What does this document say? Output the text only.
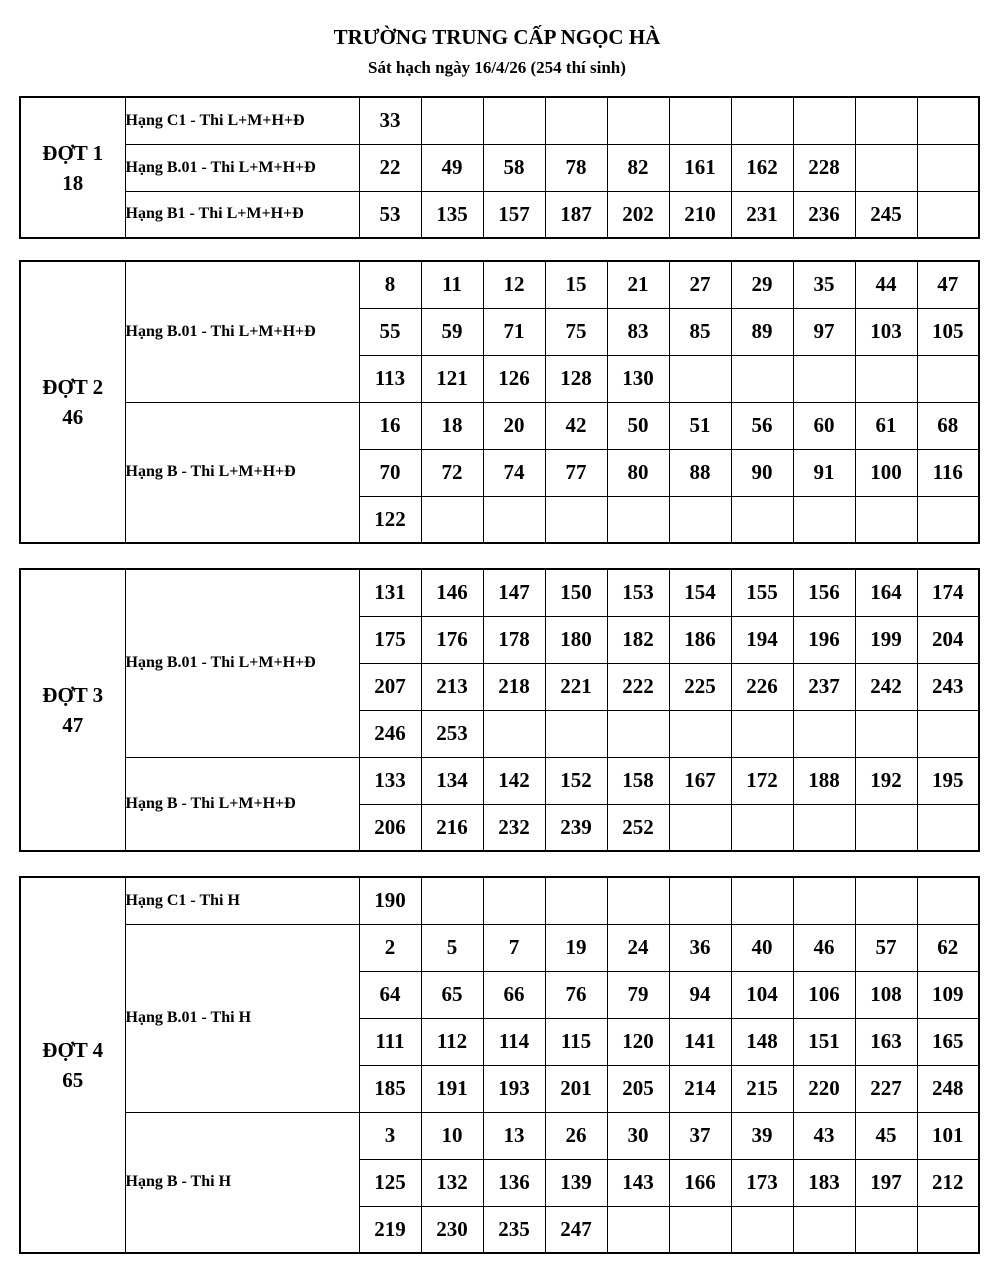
TRƯỜNG TRUNG CẤP NGỌC HÀ
Sát hạch ngày 16/4/26 (254 thí sinh)
ĐỢT 1
18	Hạng C1 - Thi L+M+H+Đ	33									
	Hạng B.01 - Thi L+M+H+Đ	22	49	58	78	82	161	162	228		
	Hạng B1 - Thi L+M+H+Đ	53	135	157	187	202	210	231	236	245	
ĐỢT 2
46	Hạng B.01 - Thi L+M+H+Đ	8	11	12	15	21	27	29	35	44	47
		55	59	71	75	83	85	89	97	103	105
		113	121	126	128	130					
	Hạng B - Thi L+M+H+Đ	16	18	20	42	50	51	56	60	61	68
		70	72	74	77	80	88	90	91	100	116
		122									
ĐỢT 3
47	Hạng B.01 - Thi L+M+H+Đ	131	146	147	150	153	154	155	156	164	174
		175	176	178	180	182	186	194	196	199	204
		207	213	218	221	222	225	226	237	242	243
		246	253								
	Hạng B - Thi L+M+H+Đ	133	134	142	152	158	167	172	188	192	195
		206	216	232	239	252					
ĐỢT 4
65	Hạng C1 - Thi H	190									
	Hạng B.01 - Thi H	2	5	7	19	24	36	40	46	57	62
		64	65	66	76	79	94	104	106	108	109
		111	112	114	115	120	141	148	151	163	165
		185	191	193	201	205	214	215	220	227	248
	Hạng B - Thi H	3	10	13	26	30	37	39	43	45	101
		125	132	136	139	143	166	173	183	197	212
		219	230	235	247						
